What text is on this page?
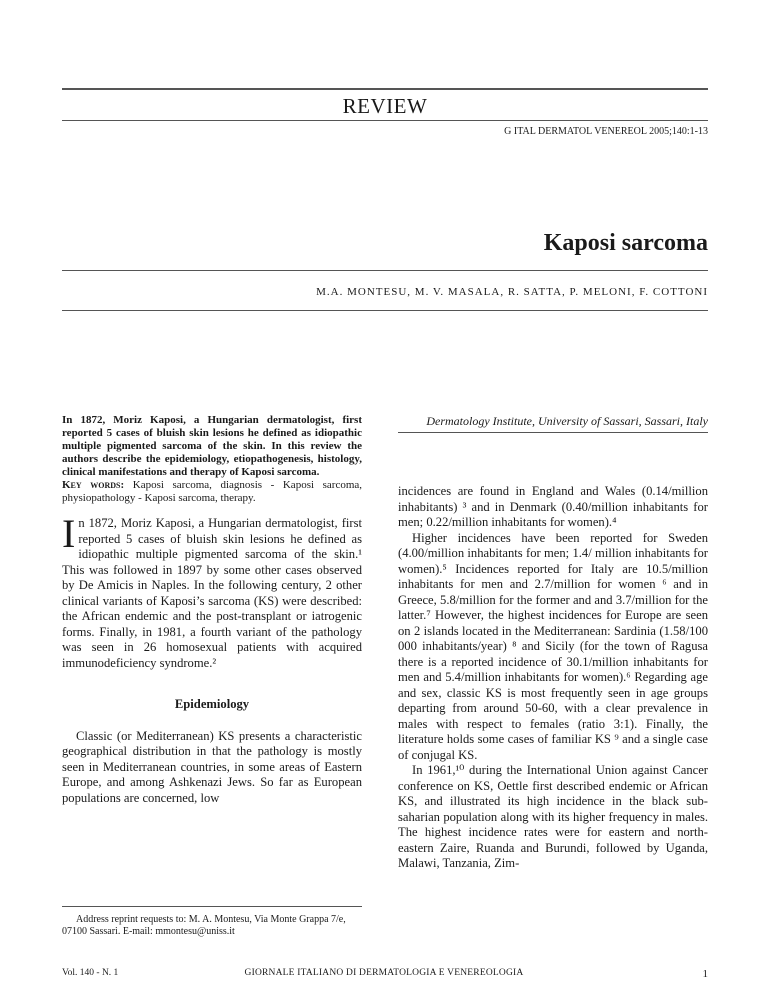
REVIEW
G ITAL DERMATOL VENEREOL 2005;140:1-13
Kaposi sarcoma
M.A. MONTESU, M. V. MASALA, R. SATTA, P. MELONI, F. COTTONI
Dermatology Institute, University of Sassari, Sassari, Italy
In 1872, Moriz Kaposi, a Hungarian dermatologist, first reported 5 cases of bluish skin lesions he defined as idiopathic multiple pigmented sarcoma of the skin. In this review the authors describe the epidemiology, etiopathogenesis, histology, clinical manifestations and therapy of Kaposi sarcoma.
Key words: Kaposi sarcoma, diagnosis - Kaposi sarcoma, physiopathology - Kaposi sarcoma, therapy.

In 1872, Moriz Kaposi, a Hungarian dermatologist, first reported 5 cases of bluish skin lesions he defined as idiopathic multiple pigmented sarcoma of the skin.¹ This was followed in 1897 by some other cases observed by De Amicis in Naples. In the following century, 2 other clinical variants of Kaposi’s sarcoma (KS) were described: the African endemic and the post-transplant or iatrogenic forms. Finally, in 1981, a fourth variant of the pathology was seen in 26 homosexual patients with acquired immunodeficiency syndrome.²

Epidemiology

Classic (or Mediterranean) KS presents a characteristic geographical distribution in that the pathology is mostly seen in Mediterranean countries, in some areas of Eastern Europe, and among Ashkenazi Jews. So far as European populations are concerned, low

Address reprint requests to: M. A. Montesu, Via Monte Grappa 7/e, 07100 Sassari. E-mail: mmontesu@uniss.it

incidences are found in England and Wales (0.14/million inhabitants) ³ and in Denmark (0.40/million inhabitants for men; 0.22/million inhabitants for women).⁴

Higher incidences have been reported for Sweden (4.00/million inhabitants for men; 1.4/ million inhabitants for women).⁵ Incidences reported for Italy are 10.5/million inhabitants for men and 2.7/million for women ⁶ and in Greece, 5.8/million for the former and and 3.7/million for the latter.⁷ However, the highest incidences for Europe are seen on 2 islands located in the Mediterranean: Sardinia (1.58/100 000 inhabitants/year) ⁸ and Sicily (for the town of Ragusa there is a reported incidence of 30.1/million inhabitants for men and 5.4/million inhabitants for women).⁶ Regarding age and sex, classic KS is most frequently seen in age groups departing from around 50-60, with a clear prevalence in males with respect to females (ratio 3:1). Finally, the literature holds some cases of familiar KS ⁹ and a single case of conjugal KS.

In 1961,¹⁰ during the International Union against Cancer conference on KS, Oettle first described endemic or African KS, and illustrated its high incidence in the black sub-saharian population along with its higher frequency in males. The highest incidence rates were for eastern and north-eastern Zaire, Ruanda and Burundi, followed by Uganda, Malawi, Tanzania, Zim-

Vol. 140 - N. 1	GIORNALE ITALIANO DI DERMATOLOGIA E VENEREOLOGIA	1
